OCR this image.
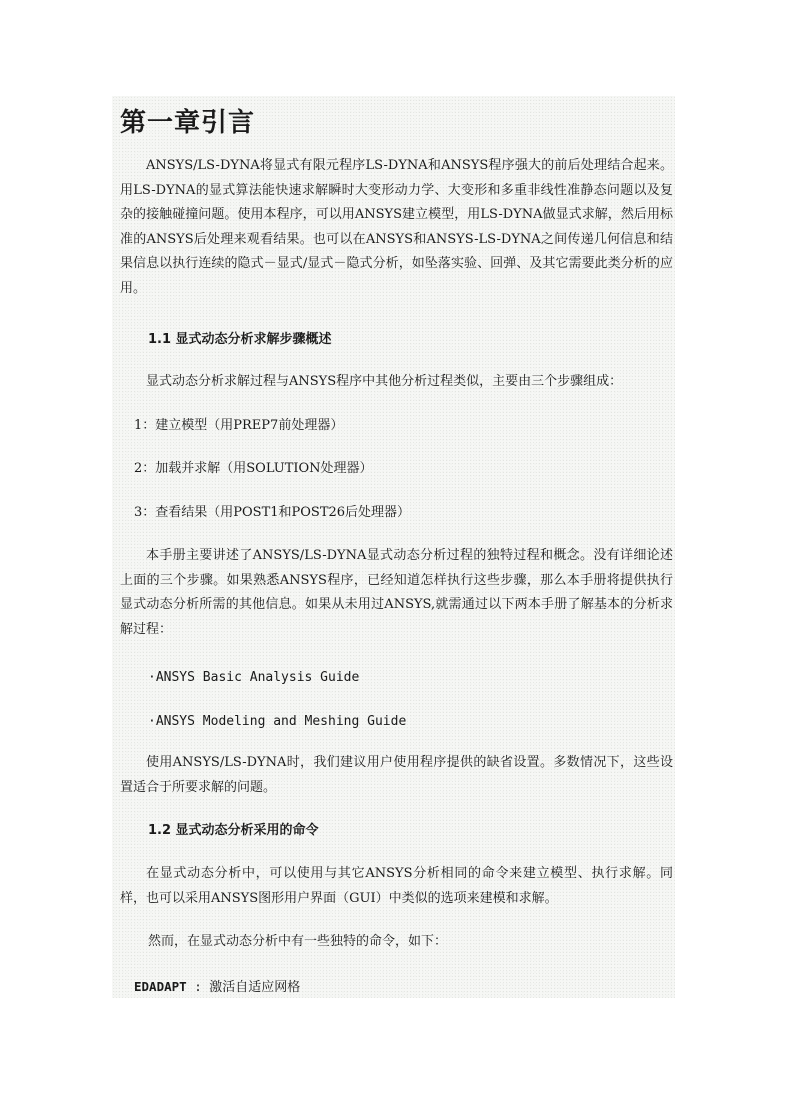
第一章引言
ANSYS/LS-DYNA将显式有限元程序LS-DYNA和ANSYS程序强大的前后处理结合起来。用LS-DYNA的显式算法能快速求解瞬时大变形动力学、大变形和多重非线性准静态问题以及复杂的接触碰撞问题。使用本程序，可以用ANSYS建立模型，用LS-DYNA做显式求解，然后用标准的ANSYS后处理来观看结果。也可以在ANSYS和ANSYS-LS-DYNA之间传递几何信息和结果信息以执行连续的隐式－显式/显式－隐式分析，如坠落实验、回弹、及其它需要此类分析的应用。
1.1 显式动态分析求解步骤概述
显式动态分析求解过程与ANSYS程序中其他分析过程类似，主要由三个步骤组成：
1：建立模型（用PREP7前处理器）
2：加载并求解（用SOLUTION处理器）
3：查看结果（用POST1和POST26后处理器）
本手册主要讲述了ANSYS/LS-DYNA显式动态分析过程的独特过程和概念。没有详细论述上面的三个步骤。如果熟悉ANSYS程序，已经知道怎样执行这些步骤，那么本手册将提供执行显式动态分析所需的其他信息。如果从未用过ANSYS,就需通过以下两本手册了解基本的分析求解过程：
·ANSYS Basic Analysis Guide
·ANSYS Modeling and Meshing Guide
使用ANSYS/LS-DYNA时，我们建议用户使用程序提供的缺省设置。多数情况下，这些设置适合于所要求解的问题。
1.2 显式动态分析采用的命令
在显式动态分析中，可以使用与其它ANSYS分析相同的命令来建立模型、执行求解。同样，也可以采用ANSYS图形用户界面（GUI）中类似的选项来建模和求解。
然而，在显式动态分析中有一些独特的命令，如下：
EDADAPT : 激活自适应网格
